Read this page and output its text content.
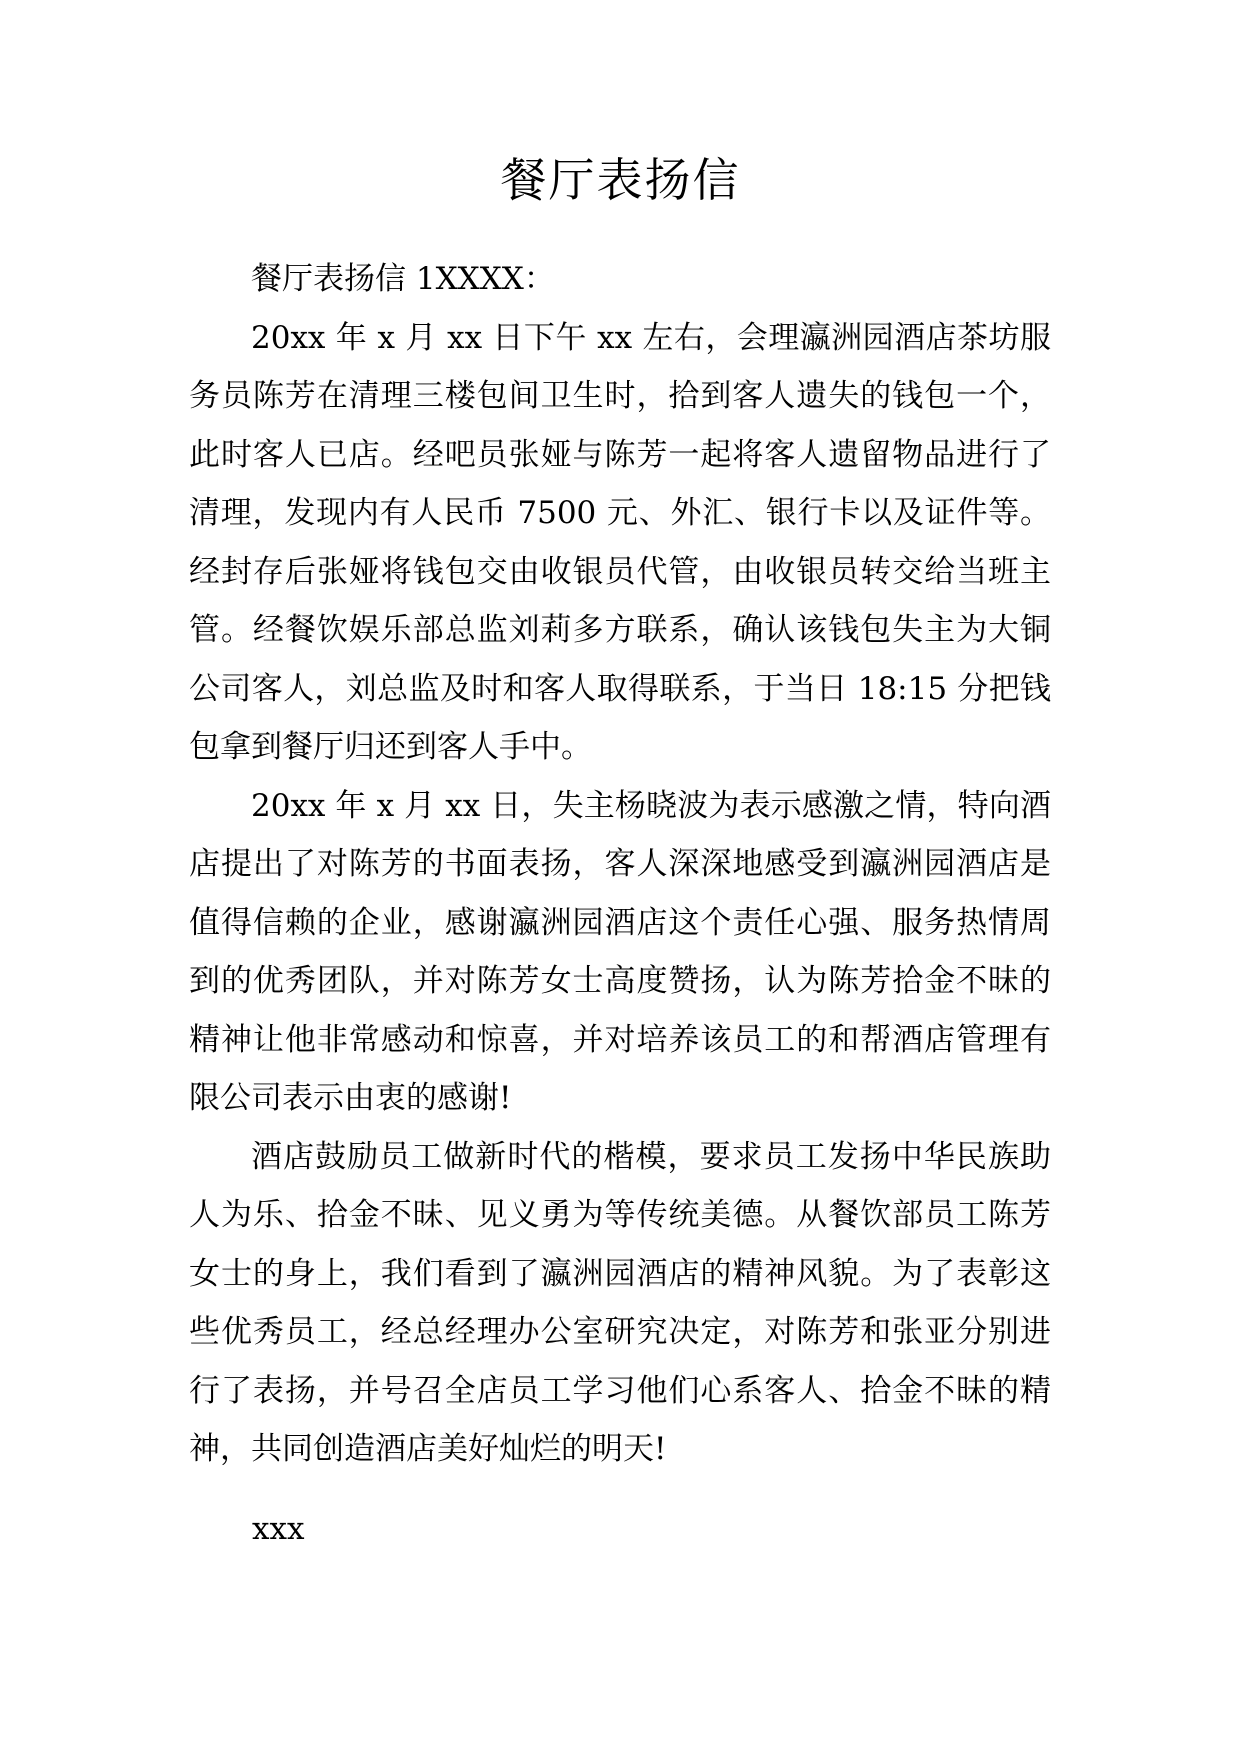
餐厅表扬信

餐厅表扬信 1XXXX：

20xx 年 x 月 xx 日下午 xx 左右，会理瀛洲园酒店茶坊服务员陈芳在清理三楼包间卫生时，拾到客人遗失的钱包一个，此时客人已店。经吧员张娅与陈芳一起将客人遗留物品进行了清理，发现内有人民币 7500 元、外汇、银行卡以及证件等。经封存后张娅将钱包交由收银员代管，由收银员转交给当班主管。经餐饮娱乐部总监刘莉多方联系，确认该钱包失主为大铜公司客人，刘总监及时和客人取得联系，于当日 18:15 分把钱包拿到餐厅归还到客人手中。

20xx 年 x 月 xx 日，失主杨晓波为表示感激之情，特向酒店提出了对陈芳的书面表扬，客人深深地感受到瀛洲园酒店是值得信赖的企业，感谢瀛洲园酒店这个责任心强、服务热情周到的优秀团队，并对陈芳女士高度赞扬，认为陈芳拾金不昧的精神让他非常感动和惊喜，并对培养该员工的和帮酒店管理有限公司表示由衷的感谢!

酒店鼓励员工做新时代的楷模，要求员工发扬中华民族助人为乐、拾金不昧、见义勇为等传统美德。从餐饮部员工陈芳女士的身上，我们看到了瀛洲园酒店的精神风貌。为了表彰这些优秀员工，经总经理办公室研究决定，对陈芳和张亚分别进行了表扬，并号召全店员工学习他们心系客人、拾金不昧的精神，共同创造酒店美好灿烂的明天!

xxx
